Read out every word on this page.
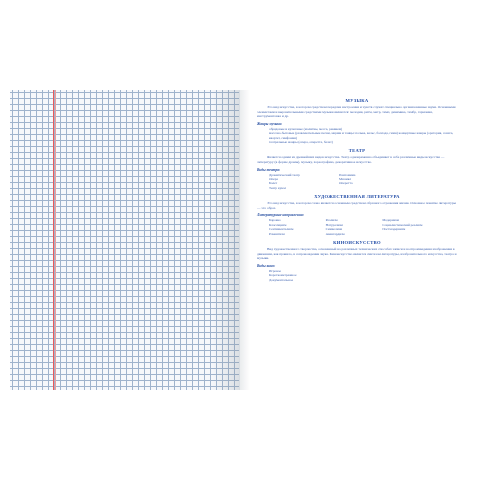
МУЗЫКА
Это вид искусства, в котором средством передачи настроения и чувств служат специально организованные звуки. Основными элементами и выразительными средствами музыки являются: мелодия, ритм, метр, темп, динамика, тембр, гармония, инструментовка и др.
Жанры музыки:
обрядовые и культовые (молитвы, месса, реквием)
массово-бытовые (развлекательные песни, марши и танцы: полька, вальс, баллада, гимн) концертные жанры (оратория, соната, квартет, симфония)
театральные жанры (опера, оперетта, балет)
ТЕАТР
Является одним из древнейших видов искусства. Театр одновременно объединяет в себе различные виды искусства — литературу (в форме драмы), музыку, хореографию, декоративное искусство.
Виды театра:
Драматический театр	Пантомима
Опера	Мюзикл
Балет	Оперетта
Театр кукол
ХУДОЖЕСТВЕННАЯ ЛИТЕРАТУРА
Это вид искусства, в котором слово является основным средством образного отражения жизни. Основное понятие литературы — это образ.
Литературные направления:
Барокко	Реализм	Модернизм
Классицизм	Натурализм	Социалистический реализм
Сентиментализм	Символизм	Постмодернизм
Романтизм	Авангардизм
КИНОИСКУССТВО
Вид художественного творчества, основанный на различных технических способах записи и воспроизведения изображения в движении, как правило, в сопровождении звука. Киноискусство является синтезом литературы, изобразительного искусства, театра и музыки.
Виды кино:
Игровое
Короткометражное
Документальное
